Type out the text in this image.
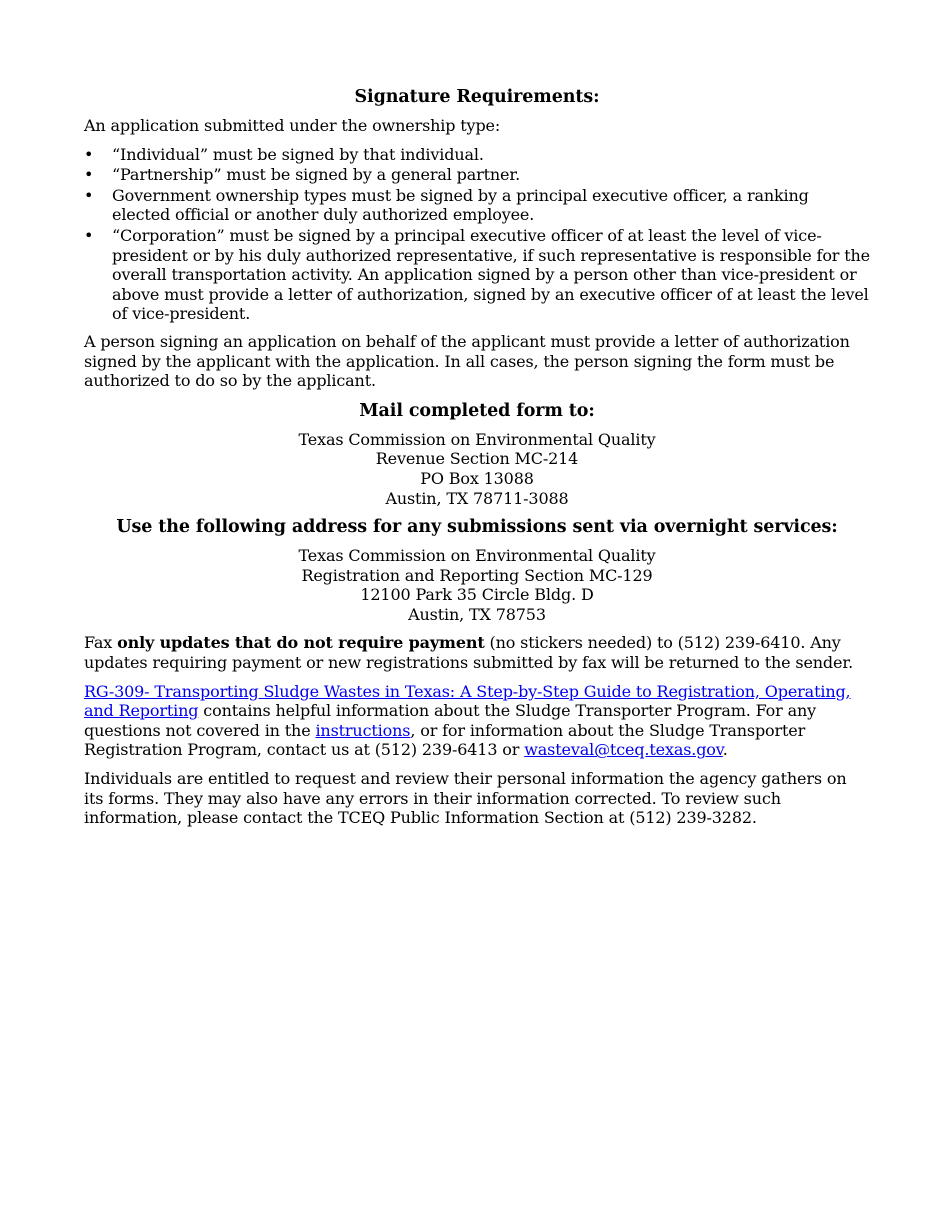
Signature Requirements:

An application submitted under the ownership type:

• “Individual” must be signed by that individual.
• “Partnership” must be signed by a general partner.
• Government ownership types must be signed by a principal executive officer, a ranking elected official or another duly authorized employee.
• “Corporation” must be signed by a principal executive officer of at least the level of vice-president or by his duly authorized representative, if such representative is responsible for the overall transportation activity. An application signed by a person other than vice-president or above must provide a letter of authorization, signed by an executive officer of at least the level of vice-president.

A person signing an application on behalf of the applicant must provide a letter of authorization signed by the applicant with the application. In all cases, the person signing the form must be authorized to do so by the applicant.

Mail completed form to:
Texas Commission on Environmental Quality
Revenue Section MC-214
PO Box 13088
Austin, TX 78711-3088
Use the following address for any submissions sent via overnight services:
Texas Commission on Environmental Quality
Registration and Reporting Section MC-129
12100 Park 35 Circle Bldg. D
Austin, TX 78753

Fax only updates that do not require payment (no stickers needed) to (512) 239-6410. Any updates requiring payment or new registrations submitted by fax will be returned to the sender.

RG-309- Transporting Sludge Wastes in Texas: A Step-by-Step Guide to Registration, Operating, and Reporting contains helpful information about the Sludge Transporter Program. For any questions not covered in the instructions, or for information about the Sludge Transporter Registration Program, contact us at (512) 239-6413 or wasteval@tceq.texas.gov.

Individuals are entitled to request and review their personal information the agency gathers on its forms. They may also have any errors in their information corrected. To review such information, please contact the TCEQ Public Information Section at (512) 239-3282.
